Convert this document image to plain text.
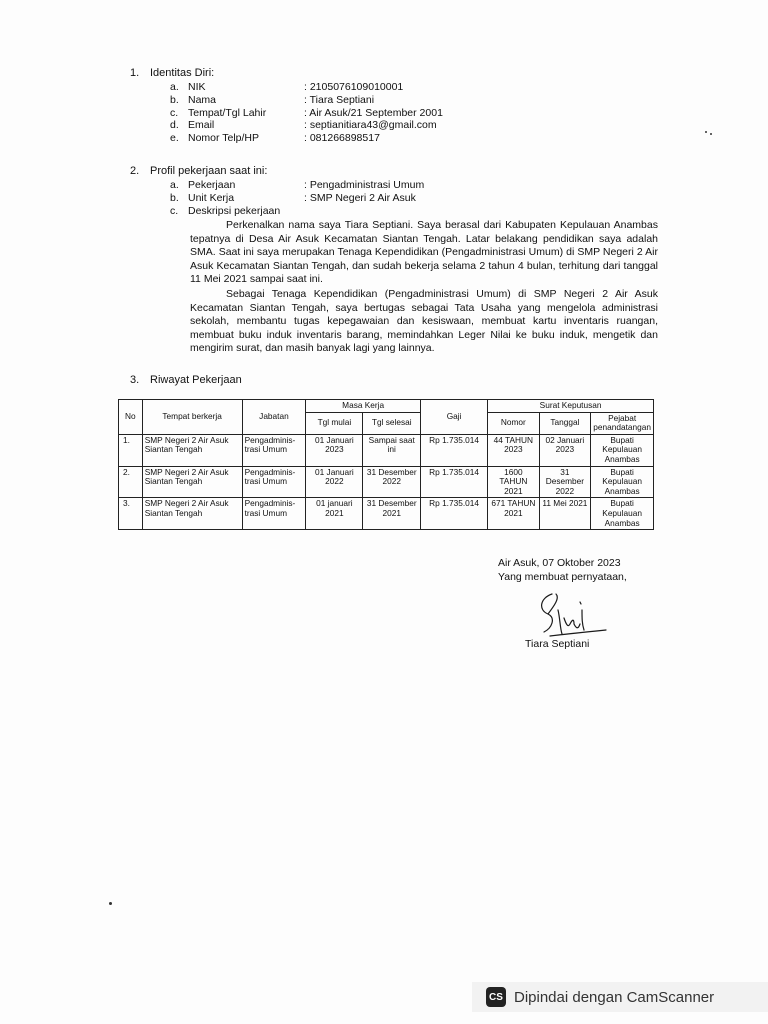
1. Identitas Diri:
a. NIK	: 2105076109010001
b. Nama	: Tiara Septiani
c. Tempat/Tgl Lahir	: Air Asuk/21 September 2001
d. Email	: septianitiara43@gmail.com
e. Nomor Telp/HP	: 081266898517
2. Profil pekerjaan saat ini:
a. Pekerjaan	: Pengadministrasi Umum
b. Unit Kerja	: SMP Negeri 2 Air Asuk
c. Deskripsi pekerjaan
Perkenalkan nama saya Tiara Septiani. Saya berasal dari Kabupaten Kepulauan Anambas tepatnya di Desa Air Asuk Kecamatan Siantan Tengah. Latar belakang pendidikan saya adalah SMA. Saat ini saya merupakan Tenaga Kependidikan (Pengadministrasi Umum) di SMP Negeri 2 Air Asuk Kecamatan Siantan Tengah, dan sudah bekerja selama 2 tahun 4 bulan, terhitung dari tanggal 11 Mei 2021 sampai saat ini.
Sebagai Tenaga Kependidikan (Pengadministrasi Umum) di SMP Negeri 2 Air Asuk Kecamatan Siantan Tengah, saya bertugas sebagai Tata Usaha yang mengelola administrasi sekolah, membantu tugas kepegawaian dan kesiswaan, membuat kartu inventaris ruangan, membuat buku induk inventaris barang, memindahkan Leger Nilai ke buku induk, mengetik dan mengirim surat, dan masih banyak lagi yang lainnya.
3. Riwayat Pekerjaan
No	Tempat berkerja	Jabatan	Masa Kerja		Gaji	Surat Keputusan		
			Tgl mulai	Tgl selesai		Nomor	Tanggal	Pejabat penandatangan
1.	SMP Negeri 2 Air Asuk Siantan Tengah	Pengadminis-trasi Umum	01 Januari 2023	Sampai saat ini	Rp 1.735.014	44 TAHUN 2023	02 Januari 2023	Bupati Kepulauan Anambas
2.	SMP Negeri 2 Air Asuk Siantan Tengah	Pengadminis-trasi Umum	01 Januari 2022	31 Desember 2022	Rp 1.735.014	1600 TAHUN 2021	31 Desember 2022	Bupati Kepulauan Anambas
3.	SMP Negeri 2 Air Asuk Siantan Tengah	Pengadminis-trasi Umum	01 januari 2021	31 Desember 2021	Rp 1.735.014	671 TAHUN 2021	11 Mei 2021	Bupati Kepulauan Anambas
Air Asuk, 07 Oktober 2023
Yang membuat pernyataan,
Tiara Septiani
CS Dipindai dengan CamScanner
